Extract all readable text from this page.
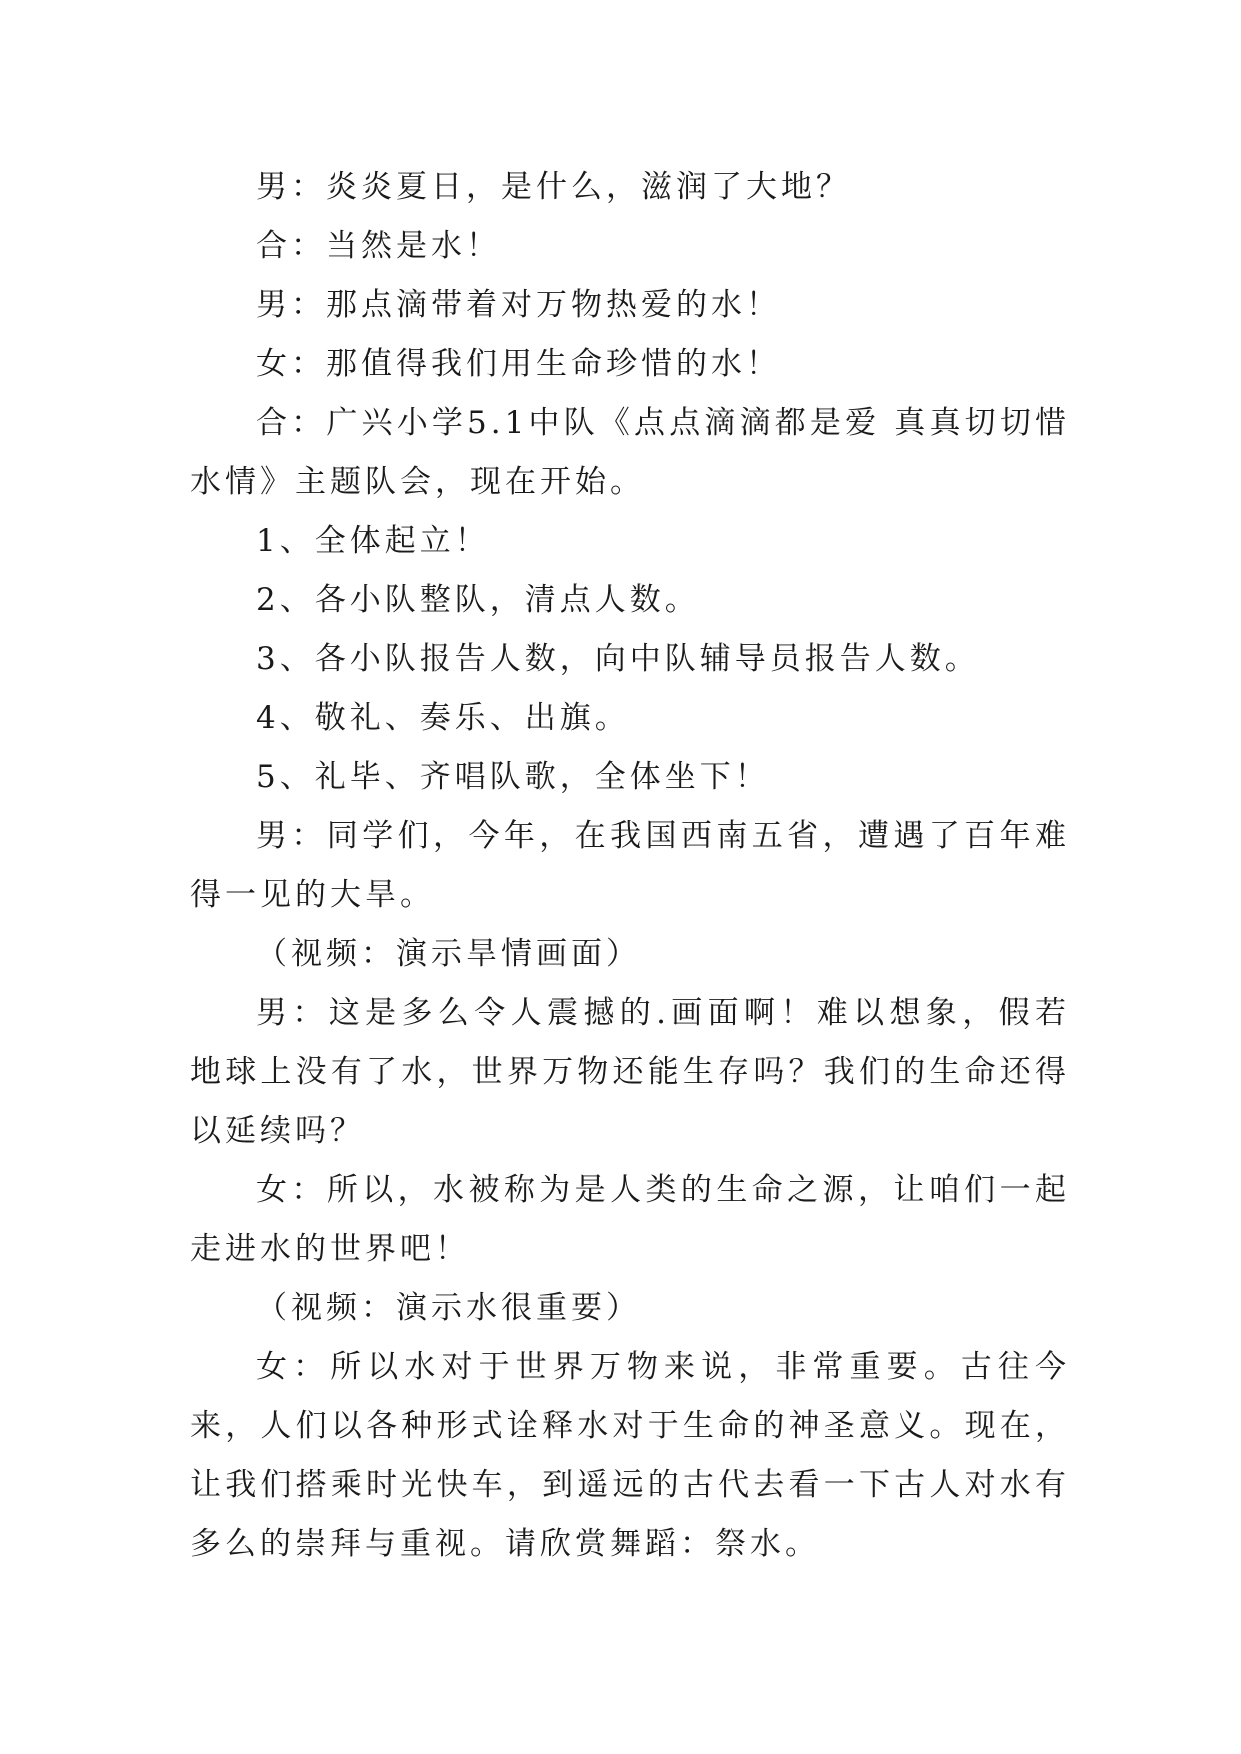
男：炎炎夏日，是什么，滋润了大地？

合：当然是水！

男：那点滴带着对万物热爱的水！

女：那值得我们用生命珍惜的水！

合：广兴小学5.1中队《点点滴滴都是爱 真真切切惜水情》主题队会，现在开始。

1、全体起立！

2、各小队整队，清点人数。

3、各小队报告人数，向中队辅导员报告人数。

4、敬礼、奏乐、出旗。

5、礼毕、齐唱队歌，全体坐下！

男：同学们，今年，在我国西南五省，遭遇了百年难得一见的大旱。

（视频：演示旱情画面）

男：这是多么令人震撼的.画面啊！难以想象，假若地球上没有了水，世界万物还能生存吗？我们的生命还得以延续吗？

女：所以，水被称为是人类的生命之源，让咱们一起走进水的世界吧！

（视频：演示水很重要）

女：所以水对于世界万物来说，非常重要。古往今来，人们以各种形式诠释水对于生命的神圣意义。现在，让我们搭乘时光快车，到遥远的古代去看一下古人对水有多么的崇拜与重视。请欣赏舞蹈：祭水。
